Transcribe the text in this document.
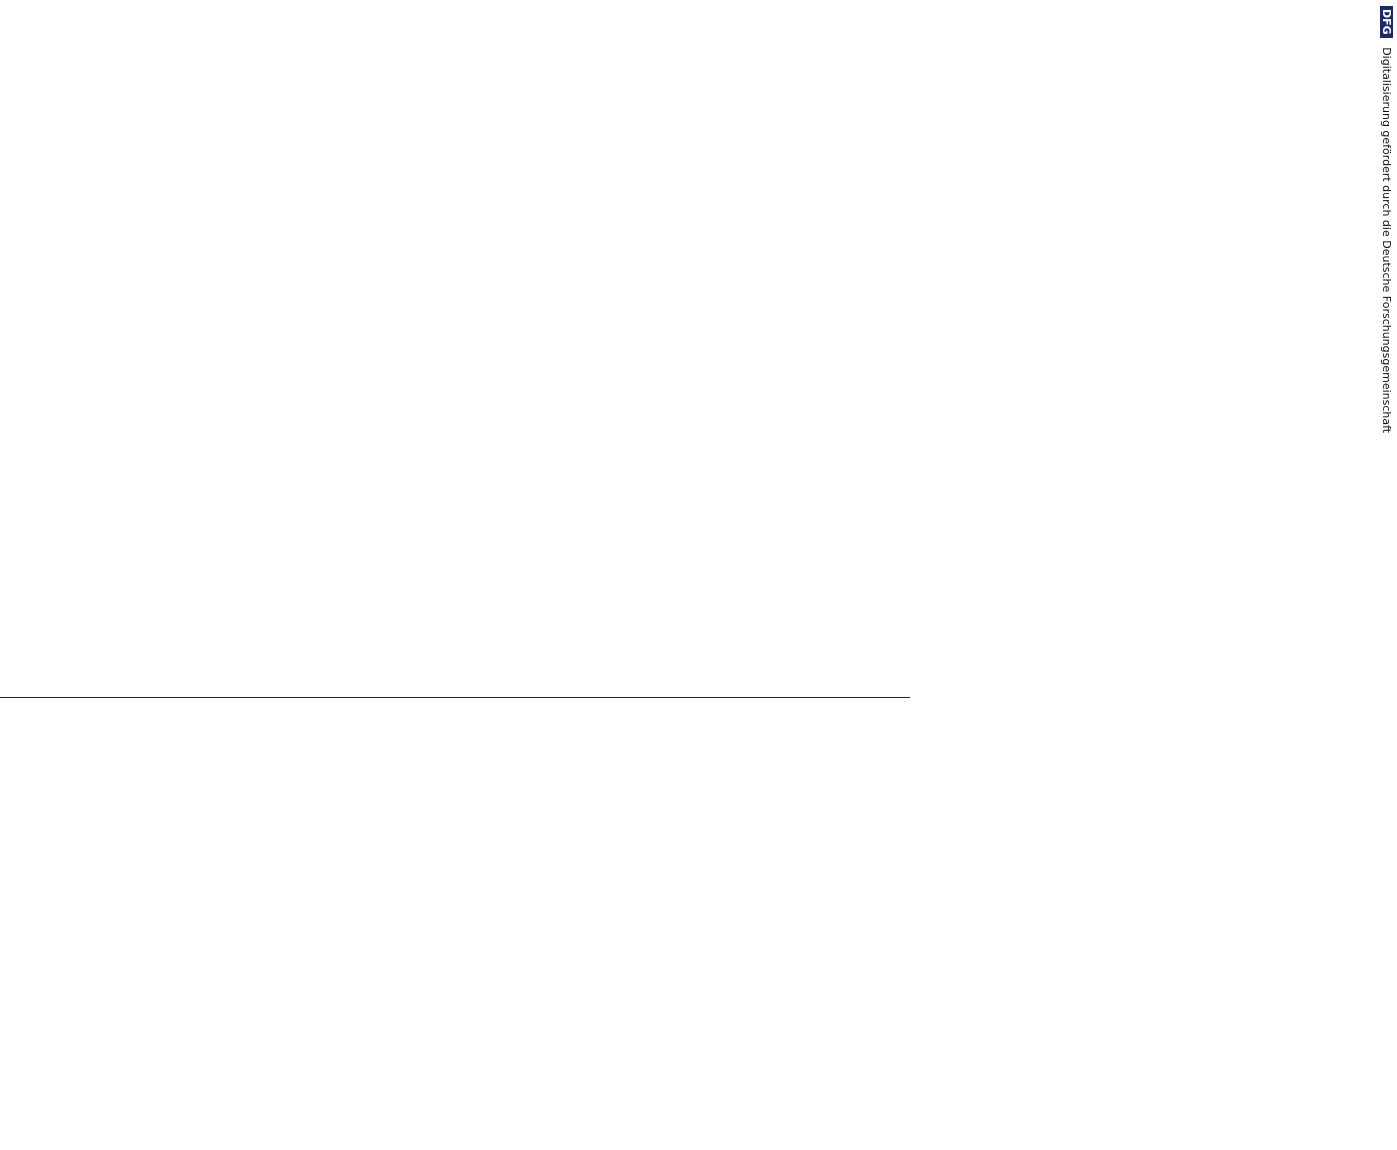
DFG Digitalisierung gefördert durch die Deutsche Forschungsgemeinschaft
